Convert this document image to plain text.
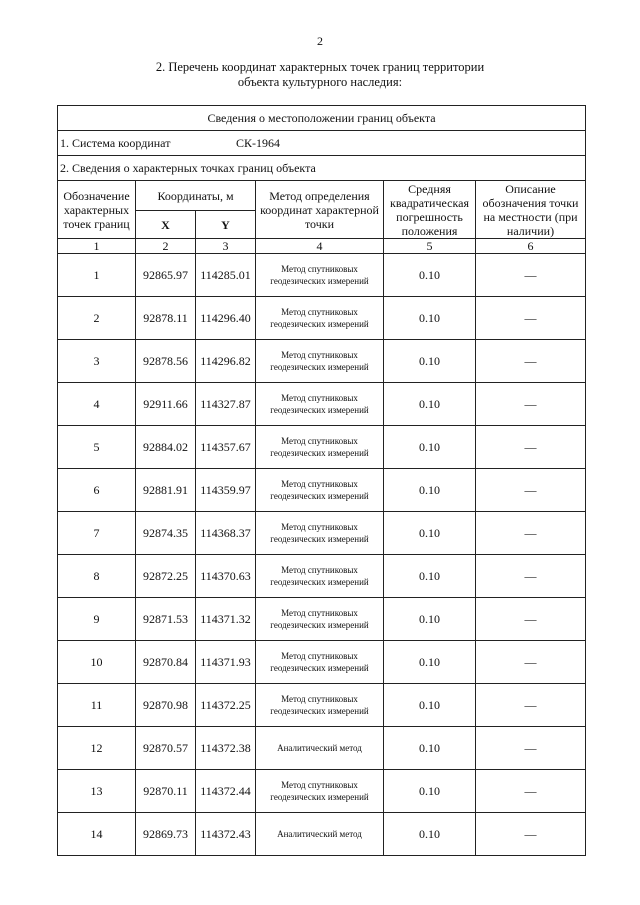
2
2. Перечень координат характерных точек границ территории
объекта культурного наследия:
Сведения о местоположении границ объекта					
1. Система координат СК-1964					
2. Сведения о характерных точках границ объекта					
Обозначение характерных точек границ	Координаты, м		Метод определения координат характерной точки	Средняя квадратическая погрешность положения	Описание обозначения точки на местности (при наличии)
	X	Y			
1	2	3	4	5	6
1	92865.97	114285.01	Метод спутниковых геодезических измерений	0.10	—
2	92878.11	114296.40	Метод спутниковых геодезических измерений	0.10	—
3	92878.56	114296.82	Метод спутниковых геодезических измерений	0.10	—
4	92911.66	114327.87	Метод спутниковых геодезических измерений	0.10	—
5	92884.02	114357.67	Метод спутниковых геодезических измерений	0.10	—
6	92881.91	114359.97	Метод спутниковых геодезических измерений	0.10	—
7	92874.35	114368.37	Метод спутниковых геодезических измерений	0.10	—
8	92872.25	114370.63	Метод спутниковых геодезических измерений	0.10	—
9	92871.53	114371.32	Метод спутниковых геодезических измерений	0.10	—
10	92870.84	114371.93	Метод спутниковых геодезических измерений	0.10	—
11	92870.98	114372.25	Метод спутниковых геодезических измерений	0.10	—
12	92870.57	114372.38	Аналитический метод	0.10	—
13	92870.11	114372.44	Метод спутниковых геодезических измерений	0.10	—
14	92869.73	114372.43	Аналитический метод	0.10	—
